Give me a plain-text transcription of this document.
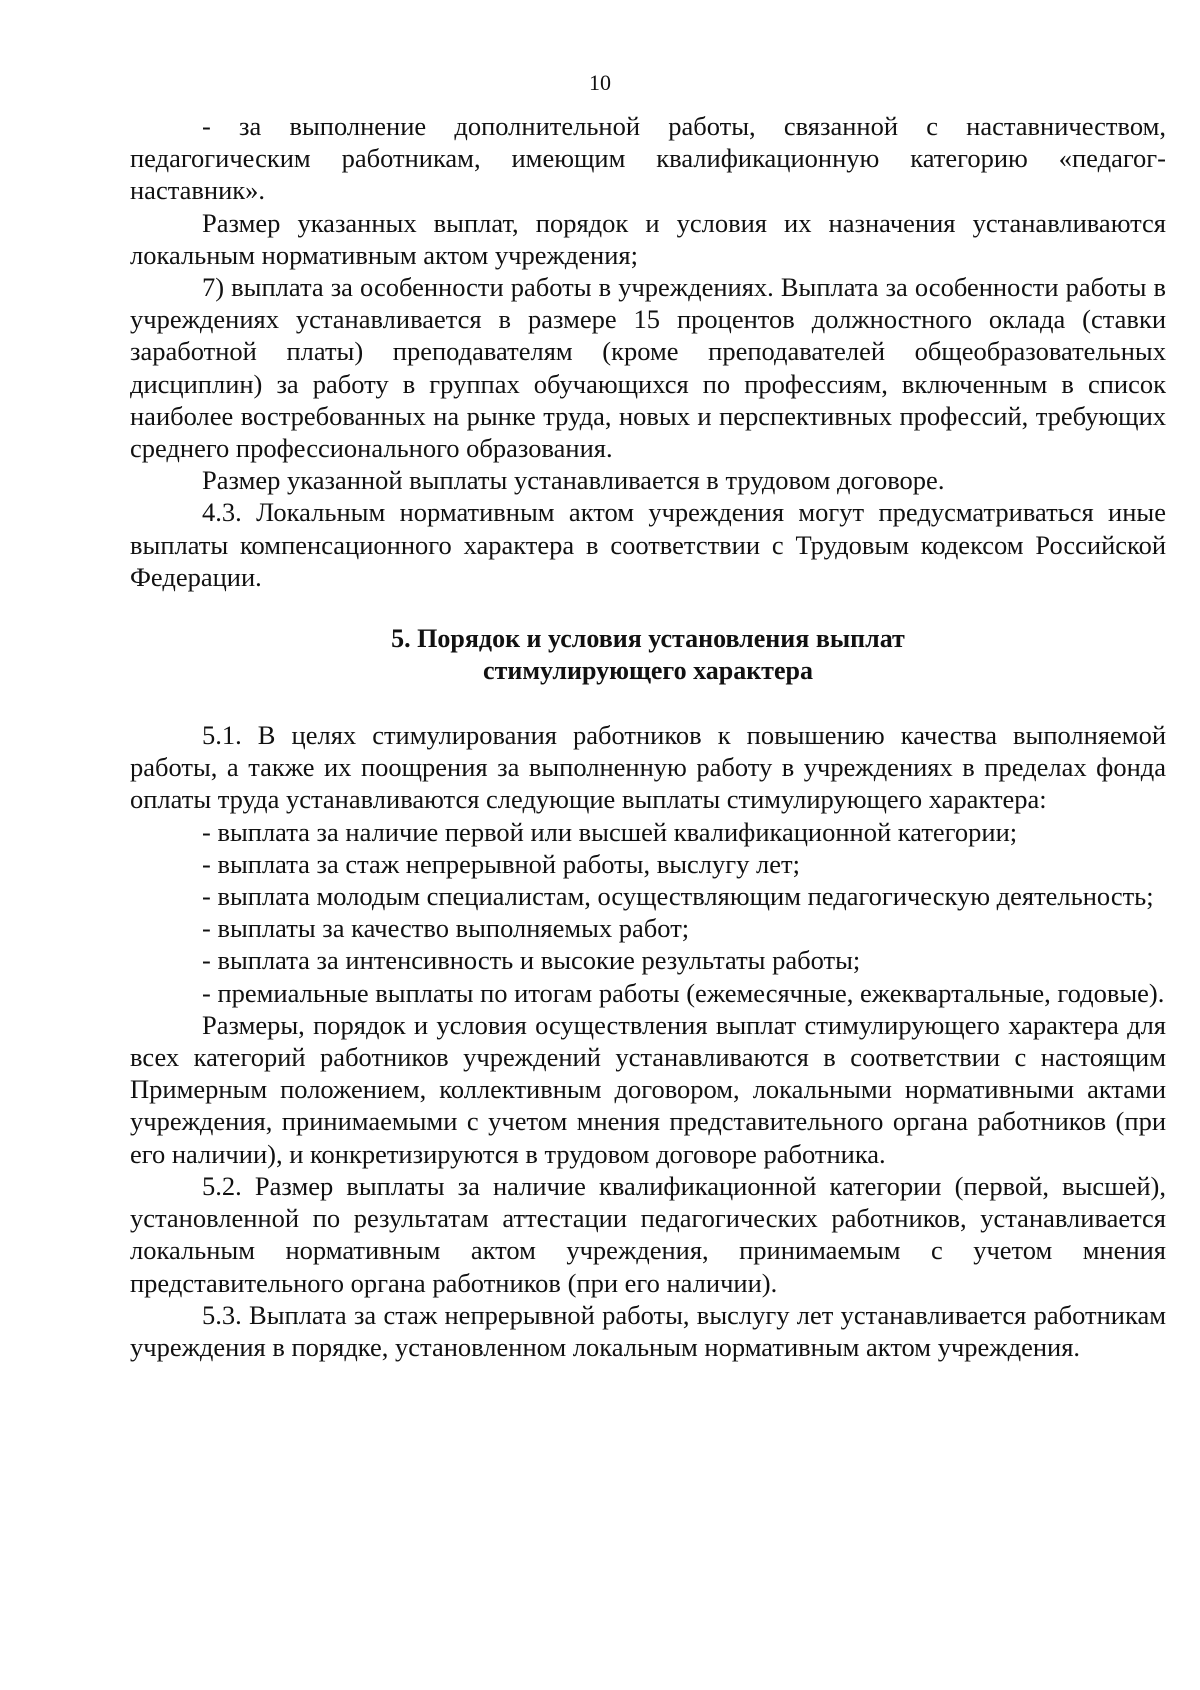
10

- за выполнение дополнительной работы, связанной с наставничеством, педагогическим работникам, имеющим квалификационную категорию «педагог-наставник».

Размер указанных выплат, порядок и условия их назначения устанавливаются локальным нормативным актом учреждения;

7) выплата за особенности работы в учреждениях. Выплата за особенности работы в учреждениях устанавливается в размере 15 процентов должностного оклада (ставки заработной платы) преподавателям (кроме преподавателей общеобразовательных дисциплин) за работу в группах обучающихся по профессиям, включенным в список наиболее востребованных на рынке труда, новых и перспективных профессий, требующих среднего профессионального образования.

Размер указанной выплаты устанавливается в трудовом договоре.

4.3. Локальным нормативным актом учреждения могут предусматриваться иные выплаты компенсационного характера в соответствии с Трудовым кодексом Российской Федерации.

5. Порядок и условия установления выплат

стимулирующего характера

5.1. В целях стимулирования работников к повышению качества выполняемой работы, а также их поощрения за выполненную работу в учреждениях в пределах фонда оплаты труда устанавливаются следующие выплаты стимулирующего характера:

- выплата за наличие первой или высшей квалификационной категории;

- выплата за стаж непрерывной работы, выслугу лет;

- выплата молодым специалистам, осуществляющим педагогическую деятельность;

- выплаты за качество выполняемых работ;

- выплата за интенсивность и высокие результаты работы;

- премиальные выплаты по итогам работы (ежемесячные, ежеквартальные, годовые).

Размеры, порядок и условия осуществления выплат стимулирующего характера для всех категорий работников учреждений устанавливаются в соответствии с настоящим Примерным положением, коллективным договором, локальными нормативными актами учреждения, принимаемыми с учетом мнения представительного органа работников (при его наличии), и конкретизируются в трудовом договоре работника.

5.2. Размер выплаты за наличие квалификационной категории (первой, высшей), установленной по результатам аттестации педагогических работников, устанавливается локальным нормативным актом учреждения, принимаемым с учетом мнения представительного органа работников (при его наличии).

5.3. Выплата за стаж непрерывной работы, выслугу лет устанавливается работникам учреждения в порядке, установленном локальным нормативным актом учреждения.
